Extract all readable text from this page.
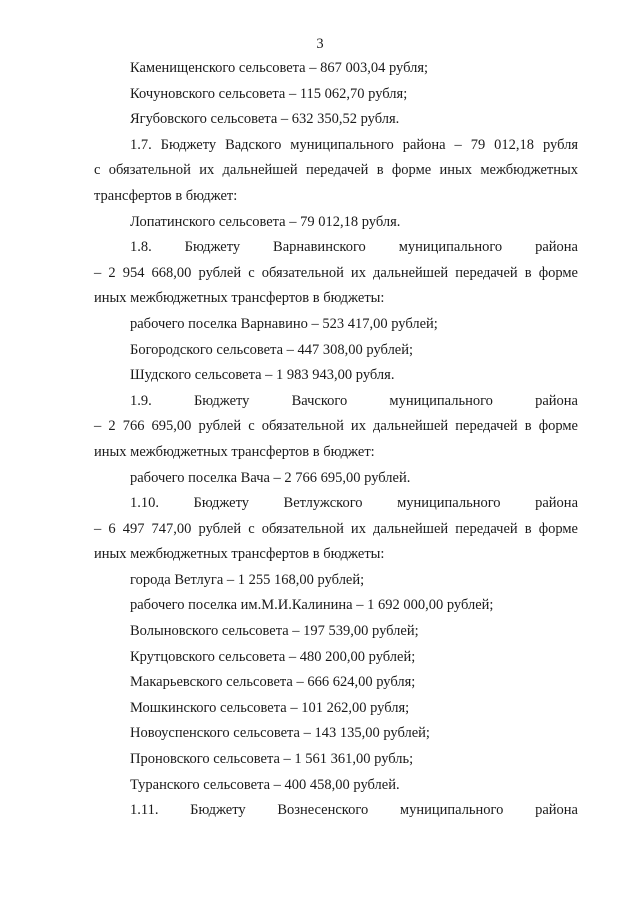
3
Каменищенского сельсовета – 867 003,04 рубля;
Кочуновского сельсовета – 115 062,70 рубля;
Ягубовского сельсовета – 632 350,52 рубля.
1.7. Бюджету Вадского муниципального района – 79 012,18 рубля
с обязательной их дальнейшей передачей в форме иных межбюджетных
трансфертов в бюджет:
Лопатинского сельсовета – 79 012,18 рубля.
1.8. Бюджету Варнавинского муниципального района
– 2 954 668,00 рублей с обязательной их дальнейшей передачей в форме
иных межбюджетных трансфертов в бюджеты:
рабочего поселка Варнавино – 523 417,00 рублей;
Богородского сельсовета – 447 308,00 рублей;
Шудского сельсовета – 1 983 943,00 рубля.
1.9. Бюджету Вачского муниципального района
– 2 766 695,00 рублей с обязательной их дальнейшей передачей в форме
иных межбюджетных трансфертов в бюджет:
рабочего поселка Вача – 2 766 695,00 рублей.
1.10. Бюджету Ветлужского муниципального района
– 6 497 747,00 рублей с обязательной их дальнейшей передачей в форме
иных межбюджетных трансфертов в бюджеты:
города Ветлуга – 1 255 168,00 рублей;
рабочего поселка им.М.И.Калинина – 1 692 000,00 рублей;
Волыновского сельсовета – 197 539,00 рублей;
Крутцовского сельсовета – 480 200,00 рублей;
Макарьевского сельсовета – 666 624,00 рубля;
Мошкинского сельсовета – 101 262,00 рубля;
Новоуспенского сельсовета – 143 135,00 рублей;
Проновского сельсовета – 1 561 361,00 рубль;
Туранского сельсовета – 400 458,00 рублей.
1.11. Бюджету Вознесенского муниципального района
